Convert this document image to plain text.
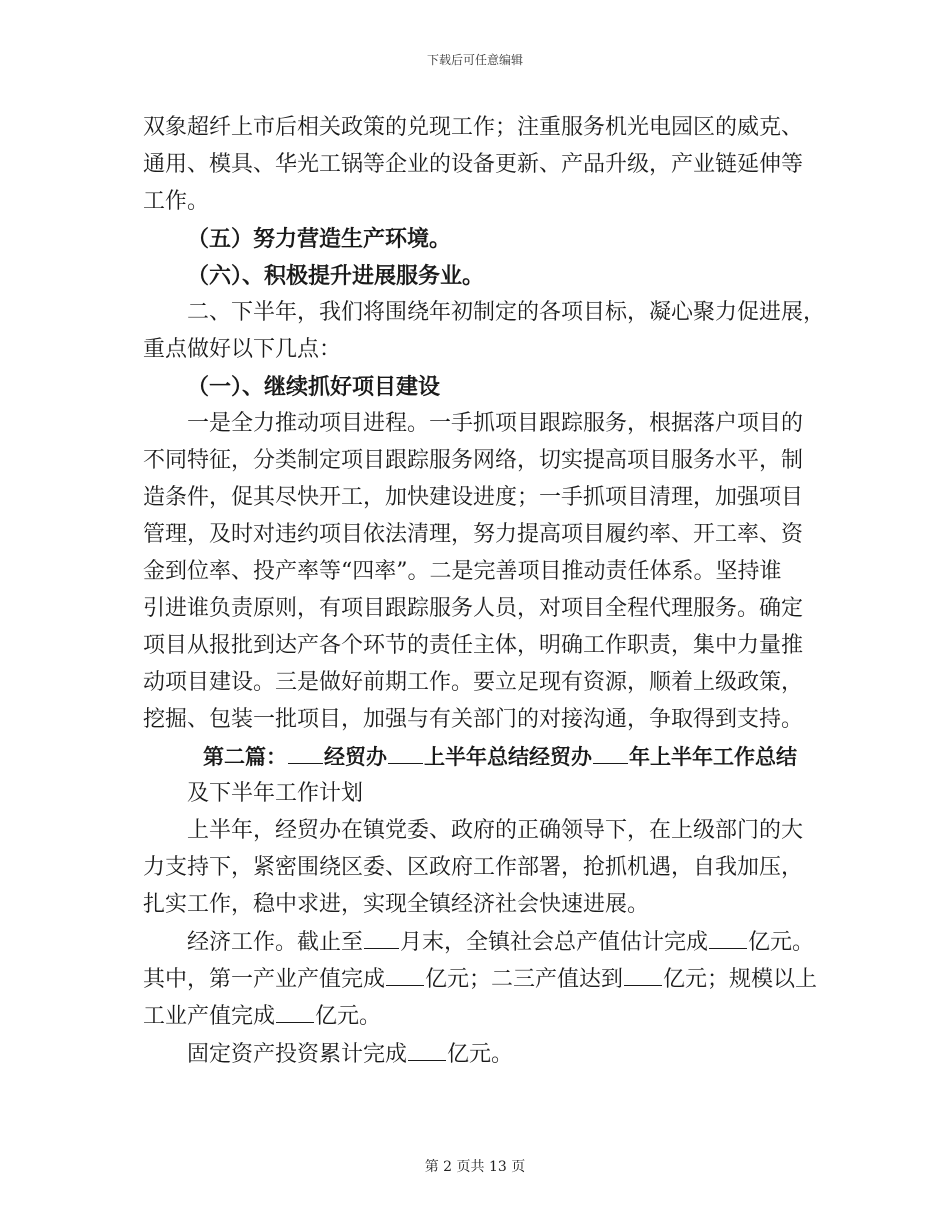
下载后可任意编辑
双象超纤上市后相关政策的兑现工作；注重服务机光电园区的威克、
通用、模具、华光工锅等企业的设备更新、产品升级，产业链延伸等
工作。
（五）努力营造生产环境。
（六）、积极提升进展服务业。
二、下半年，我们将围绕年初制定的各项目标，凝心聚力促进展，
重点做好以下几点：
（一）、继续抓好项目建设
一是全力推动项目进程。一手抓项目跟踪服务，根据落户项目的
不同特征，分类制定项目跟踪服务网络，切实提高项目服务水平，制
造条件，促其尽快开工，加快建设进度；一手抓项目清理，加强项目
管理，及时对违约项目依法清理，努力提高项目履约率、开工率、资
金到位率、投产率等“四率”。二是完善项目推动责任体系。坚持谁
引进谁负责原则，有项目跟踪服务人员，对项目全程代理服务。确定
项目从报批到达产各个环节的责任主体，明确工作职责，集中力量推
动项目建设。三是做好前期工作。要立足现有资源，顺着上级政策，
挖掘、包装一批项目，加强与有关部门的对接沟通，争取得到支持。
第二篇： 经贸办 上半年总结经贸办 年上半年工作总结
及下半年工作计划
上半年，经贸办在镇党委、政府的正确领导下，在上级部门的大
力支持下，紧密围绕区委、区政府工作部署，抢抓机遇，自我加压，
扎实工作，稳中求进，实现全镇经济社会快速进展。
经济工作。截止至 月末，全镇社会总产值估计完成 亿元。
其中，第一产业产值完成 亿元；二三产值达到 亿元；规模以上
工业产值完成 亿元。
固定资产投资累计完成 亿元。
第 2 页共 13 页
